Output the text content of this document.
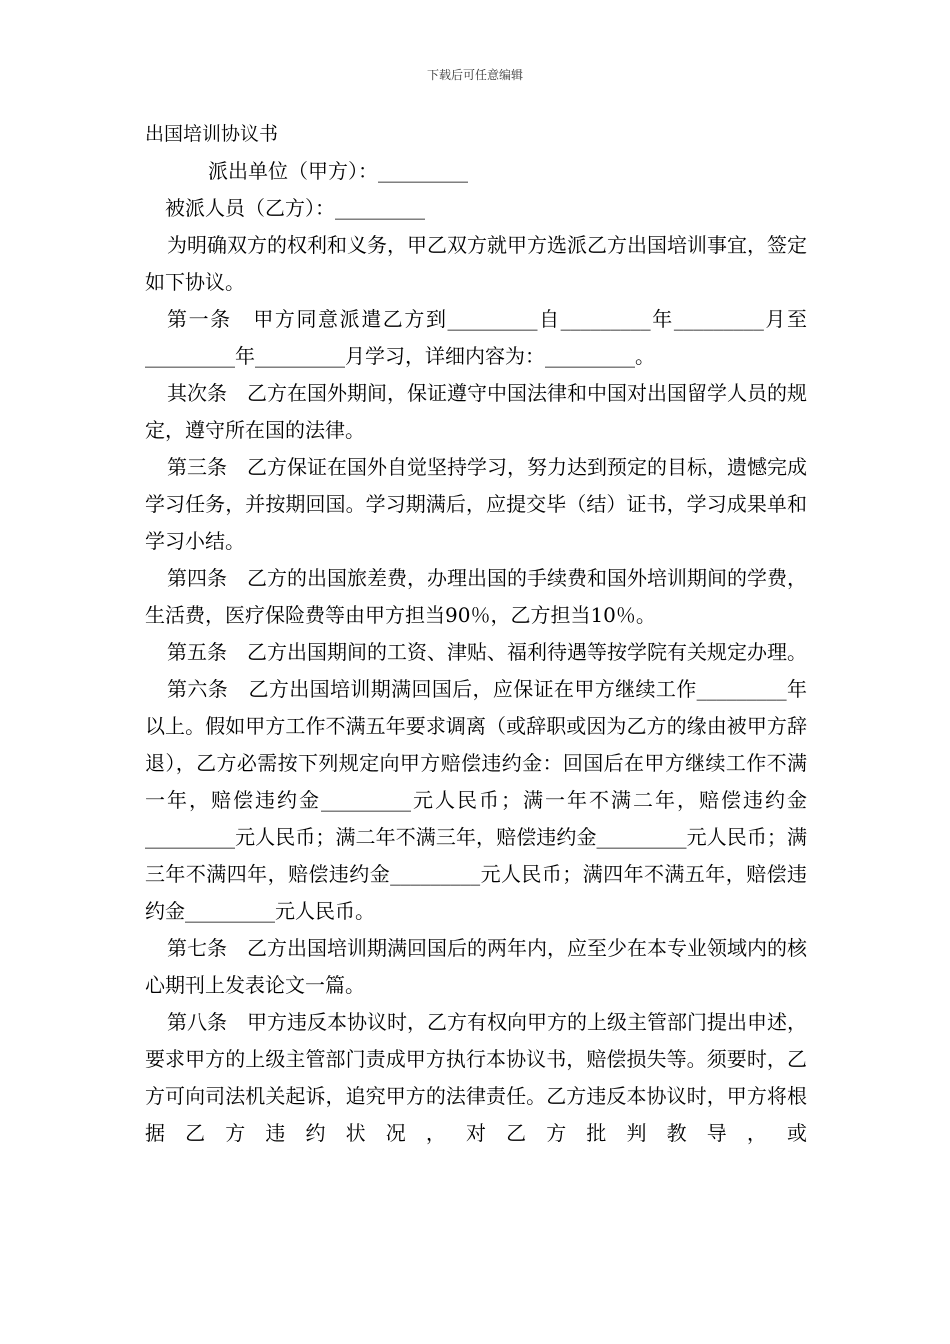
下载后可任意编辑
出国培训协议书
派出单位（甲方）：_________
被派人员（乙方）：_________
为明确双方的权利和义务，甲乙双方就甲方选派乙方出国培训事宜，签定如下协议。
第一条　甲方同意派遣乙方到_________自_________年_________月至_________年_________月学习，详细内容为：_________。
其次条　乙方在国外期间，保证遵守中国法律和中国对出国留学人员的规定，遵守所在国的法律。
第三条　乙方保证在国外自觉坚持学习，努力达到预定的目标，遗憾完成学习任务，并按期回国。学习期满后，应提交毕（结）证书，学习成果单和学习小结。
第四条　乙方的出国旅差费，办理出国的手续费和国外培训期间的学费，生活费，医疗保险费等由甲方担当90％，乙方担当10％。
第五条　乙方出国期间的工资、津贴、福利待遇等按学院有关规定办理。
第六条　乙方出国培训期满回国后，应保证在甲方继续工作_________年以上。假如甲方工作不满五年要求调离（或辞职或因为乙方的缘由被甲方辞退），乙方必需按下列规定向甲方赔偿违约金：回国后在甲方继续工作不满一年，赔偿违约金_________元人民币；满一年不满二年，赔偿违约金_________元人民币；满二年不满三年，赔偿违约金_________元人民币；满三年不满四年，赔偿违约金_________元人民币；满四年不满五年，赔偿违约金_________元人民币。
第七条　乙方出国培训期满回国后的两年内，应至少在本专业领域内的核心期刊上发表论文一篇。
第八条　甲方违反本协议时，乙方有权向甲方的上级主管部门提出申述，要求甲方的上级主管部门责成甲方执行本协议书，赔偿损失等。须要时，乙方可向司法机关起诉，追究甲方的法律责任。乙方违反本协议时，甲方将根据乙方违约状况，对乙方批判教导，或
